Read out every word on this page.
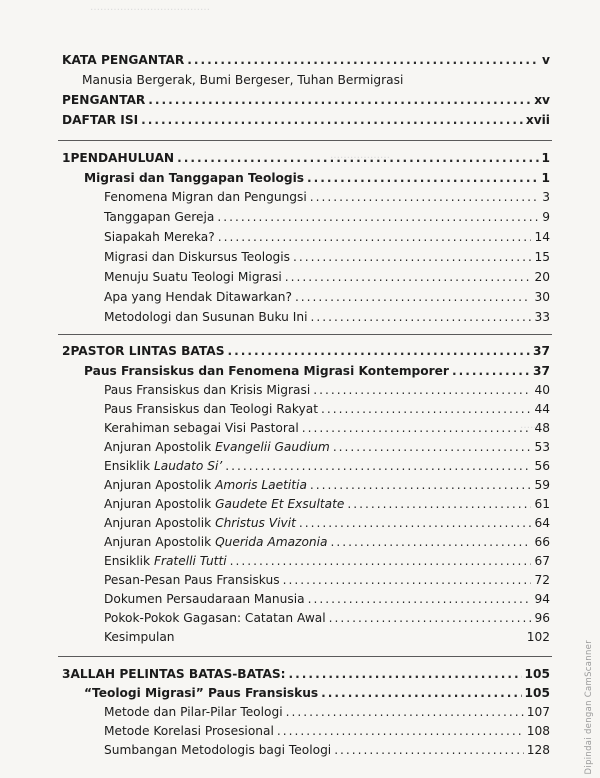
………………………………
………………
……
KATA PENGANTAR .....	v
Manusia Bergerak, Bumi Bergeser, Tuhan Bermigrasi
PENGANTAR .....	xv
DAFTAR ISI .....	xvii
1 PENDAHULUAN .....	1
Migrasi dan Tanggapan Teologis .....	1
Fenomena Migran dan Pengungsi .....	3
Tanggapan Gereja .....	9
Siapakah Mereka? .....	14
Migrasi dan Diskursus Teologis .....	15
Menuju Suatu Teologi Migrasi .....	20
Apa yang Hendak Ditawarkan? .....	30
Metodologi dan Susunan Buku Ini .....	33
2 PASTOR LINTAS BATAS .....	37
Paus Fransiskus dan Fenomena Migrasi Kontemporer .....	37
Paus Fransiskus dan Krisis Migrasi .....	40
Paus Fransiskus dan Teologi Rakyat .....	44
Kerahiman sebagai Visi Pastoral .....	48
Anjuran Apostolik Evangelii Gaudium .....	53
Ensiklik Laudato Si’ .....	56
Anjuran Apostolik Amoris Laetitia .....	59
Anjuran Apostolik Gaudete Et Exsultate .....	61
Anjuran Apostolik Christus Vivit .....	64
Anjuran Apostolik Querida Amazonia .....	66
Ensiklik Fratelli Tutti .....	67
Pesan-Pesan Paus Fransiskus .....	72
Dokumen Persaudaraan Manusia .....	94
Pokok-Pokok Gagasan: Catatan Awal .....	96
Kesimpulan	102
3 ALLAH PELINTAS BATAS-BATAS: .....	105
“Teologi Migrasi” Paus Fransiskus .....	105
Metode dan Pilar-Pilar Teologi .....	107
Metode Korelasi Prosesional .....	108
Sumbangan Metodologis bagi Teologi .....	128	Dipindai dengan CamScanner
